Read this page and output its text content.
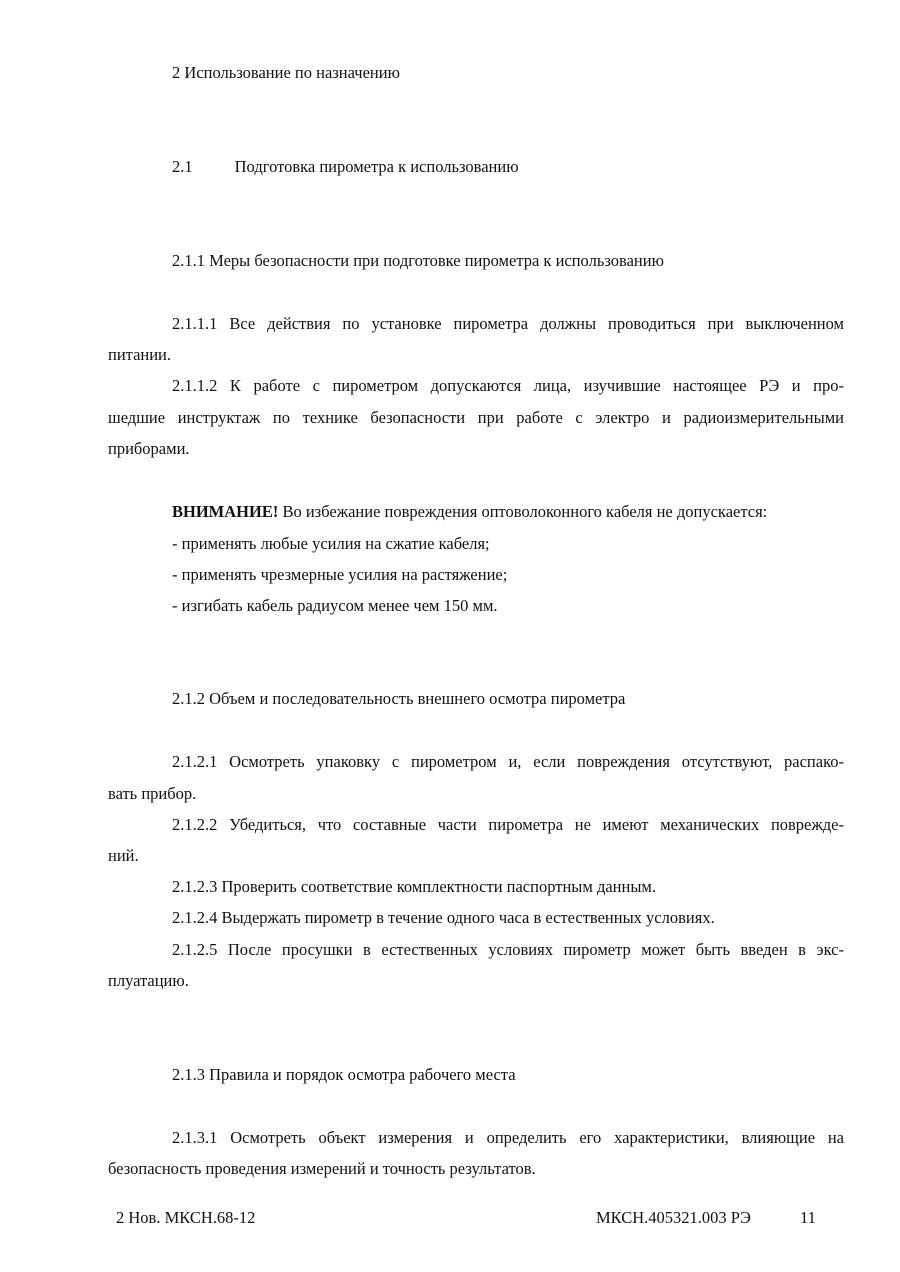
2 Использование по назначению
2.1	Подготовка пирометра к использованию
2.1.1 Меры безопасности при подготовке пирометра к использованию
2.1.1.1 Все действия по установке пирометра должны проводиться при выключенном
питании.
2.1.1.2 К работе с пирометром допускаются лица, изучившие настоящее РЭ и про-
шедшие инструктаж по технике безопасности при работе с электро и радиоизмерительными
приборами.
ВНИМАНИЕ! Во избежание повреждения оптоволоконного кабеля не допускается:
- применять любые усилия на сжатие кабеля;
- применять чрезмерные усилия на растяжение;
- изгибать кабель радиусом менее чем 150 мм.
2.1.2 Объем и последовательность внешнего осмотра пирометра
2.1.2.1 Осмотреть упаковку с пирометром и, если повреждения отсутствуют, распако-
вать прибор.
2.1.2.2 Убедиться, что составные части пирометра не имеют механических поврежде-
ний.
2.1.2.3 Проверить соответствие комплектности паспортным данным.
2.1.2.4 Выдержать пирометр в течение одного часа в естественных условиях.
2.1.2.5 После просушки в естественных условиях пирометр может быть введен в экс-
плуатацию.
2.1.3 Правила и порядок осмотра рабочего места
2.1.3.1 Осмотреть объект измерения и определить его характеристики, влияющие на
безопасность проведения измерений и точность результатов.
2 Нов. МКСН.68-12	МКСН.405321.003 РЭ	11
